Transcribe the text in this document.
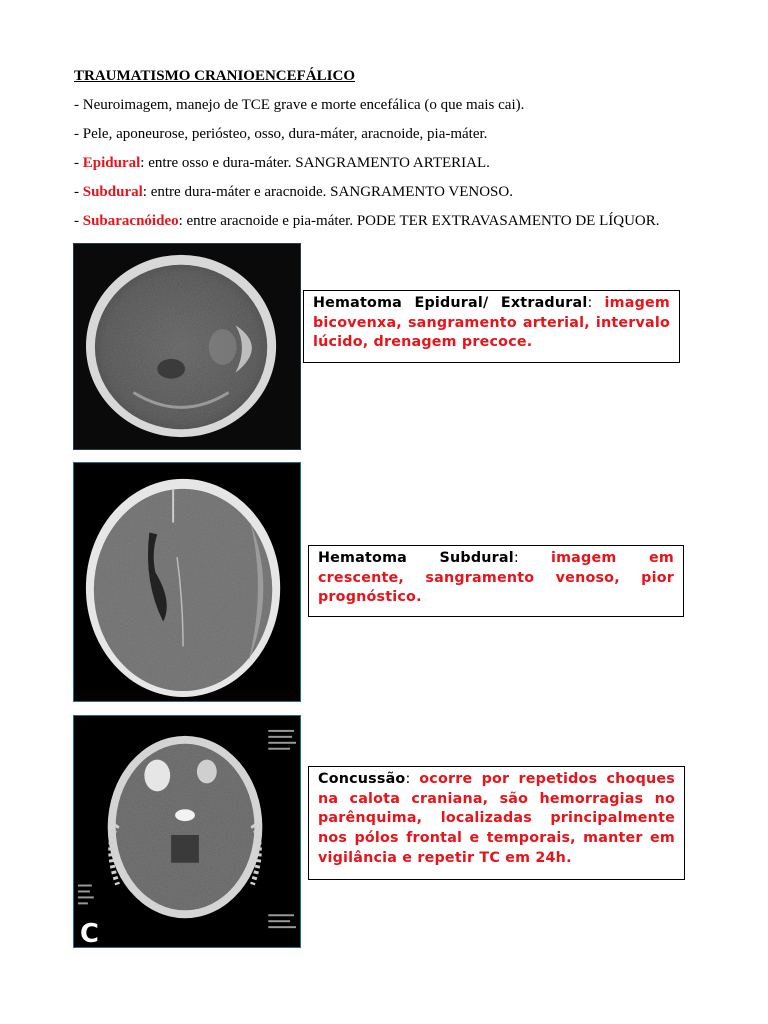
TRAUMATISMO CRANIOENCEFÁLICO
- Neuroimagem, manejo de TCE grave e morte encefálica (o que mais cai).
- Pele, aponeurose, periósteo, osso, dura-máter, aracnoide, pia-máter.
- Epidural: entre osso e dura-máter. SANGRAMENTO ARTERIAL.
- Subdural: entre dura-máter e aracnoide. SANGRAMENTO VENOSO.
- Subaracnóideo: entre aracnoide e pia-máter. PODE TER EXTRAVASAMENTO DE LÍQUOR.
Hematoma Epidural/ Extradural: imagem bicovenxa, sangramento arterial, intervalo lúcido, drenagem precoce.
Hematoma Subdural: imagem em crescente, sangramento venoso, pior prognóstico.
C
Concussão: ocorre por repetidos choques na calota craniana, são hemorragias no parênquima, localizadas principalmente nos pólos frontal e temporais, manter em vigilância e repetir TC em 24h.
